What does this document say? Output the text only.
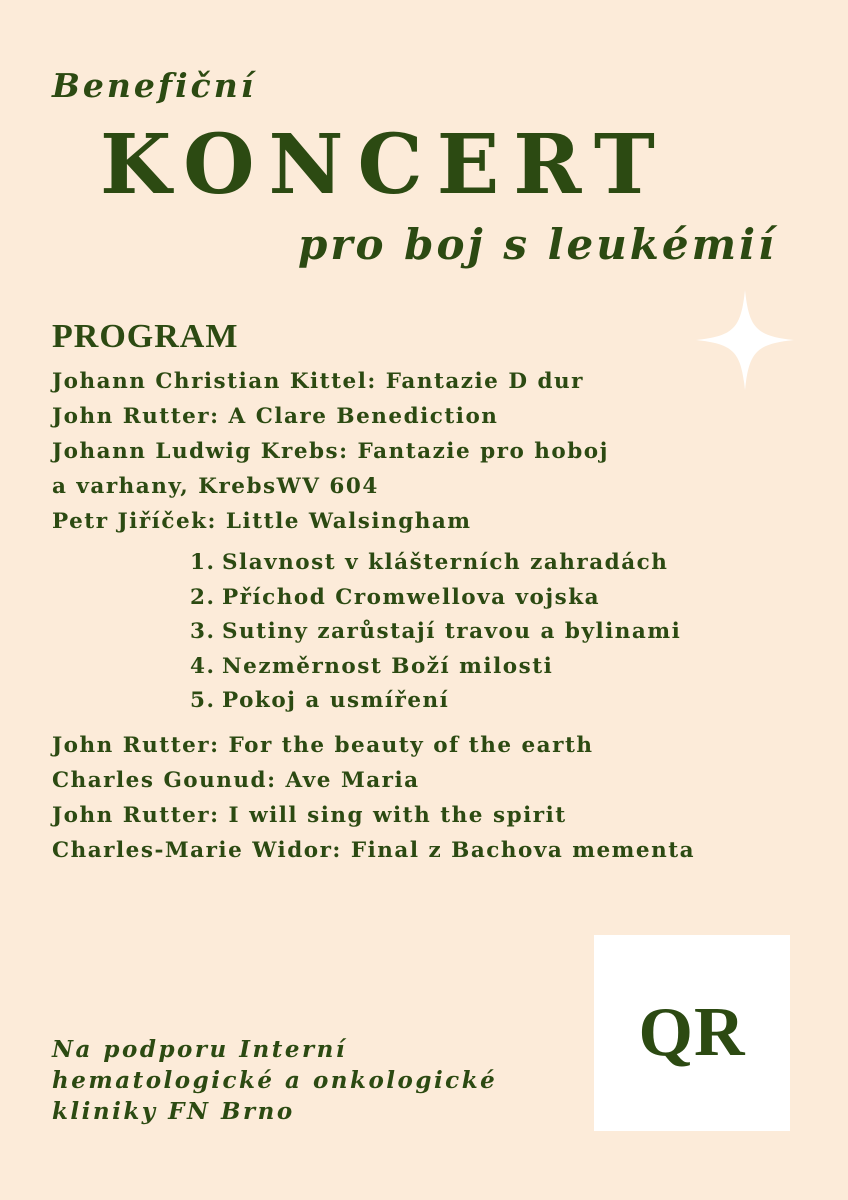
Benefiční
KONCERT
pro boj s leukémií
PROGRAM
Johann Christian Kittel: Fantazie D dur
John Rutter: A Clare Benediction
Johann Ludwig Krebs: Fantazie pro hoboj
a varhany, KrebsWV 604
Petr Jiříček: Little Walsingham
1. Slavnost v klášterních zahradách
2. Příchod Cromwellova vojska
3. Sutiny zarůstají travou a bylinami
4. Nezměrnost Boží milosti
5. Pokoj a usmíření
John Rutter: For the beauty of the earth
Charles Gounud: Ave Maria
John Rutter: I will sing with the spirit
Charles-Marie Widor: Final z Bachova mementa
Na podporu Interní
hematologické a onkologické
kliniky FN Brno
QR
